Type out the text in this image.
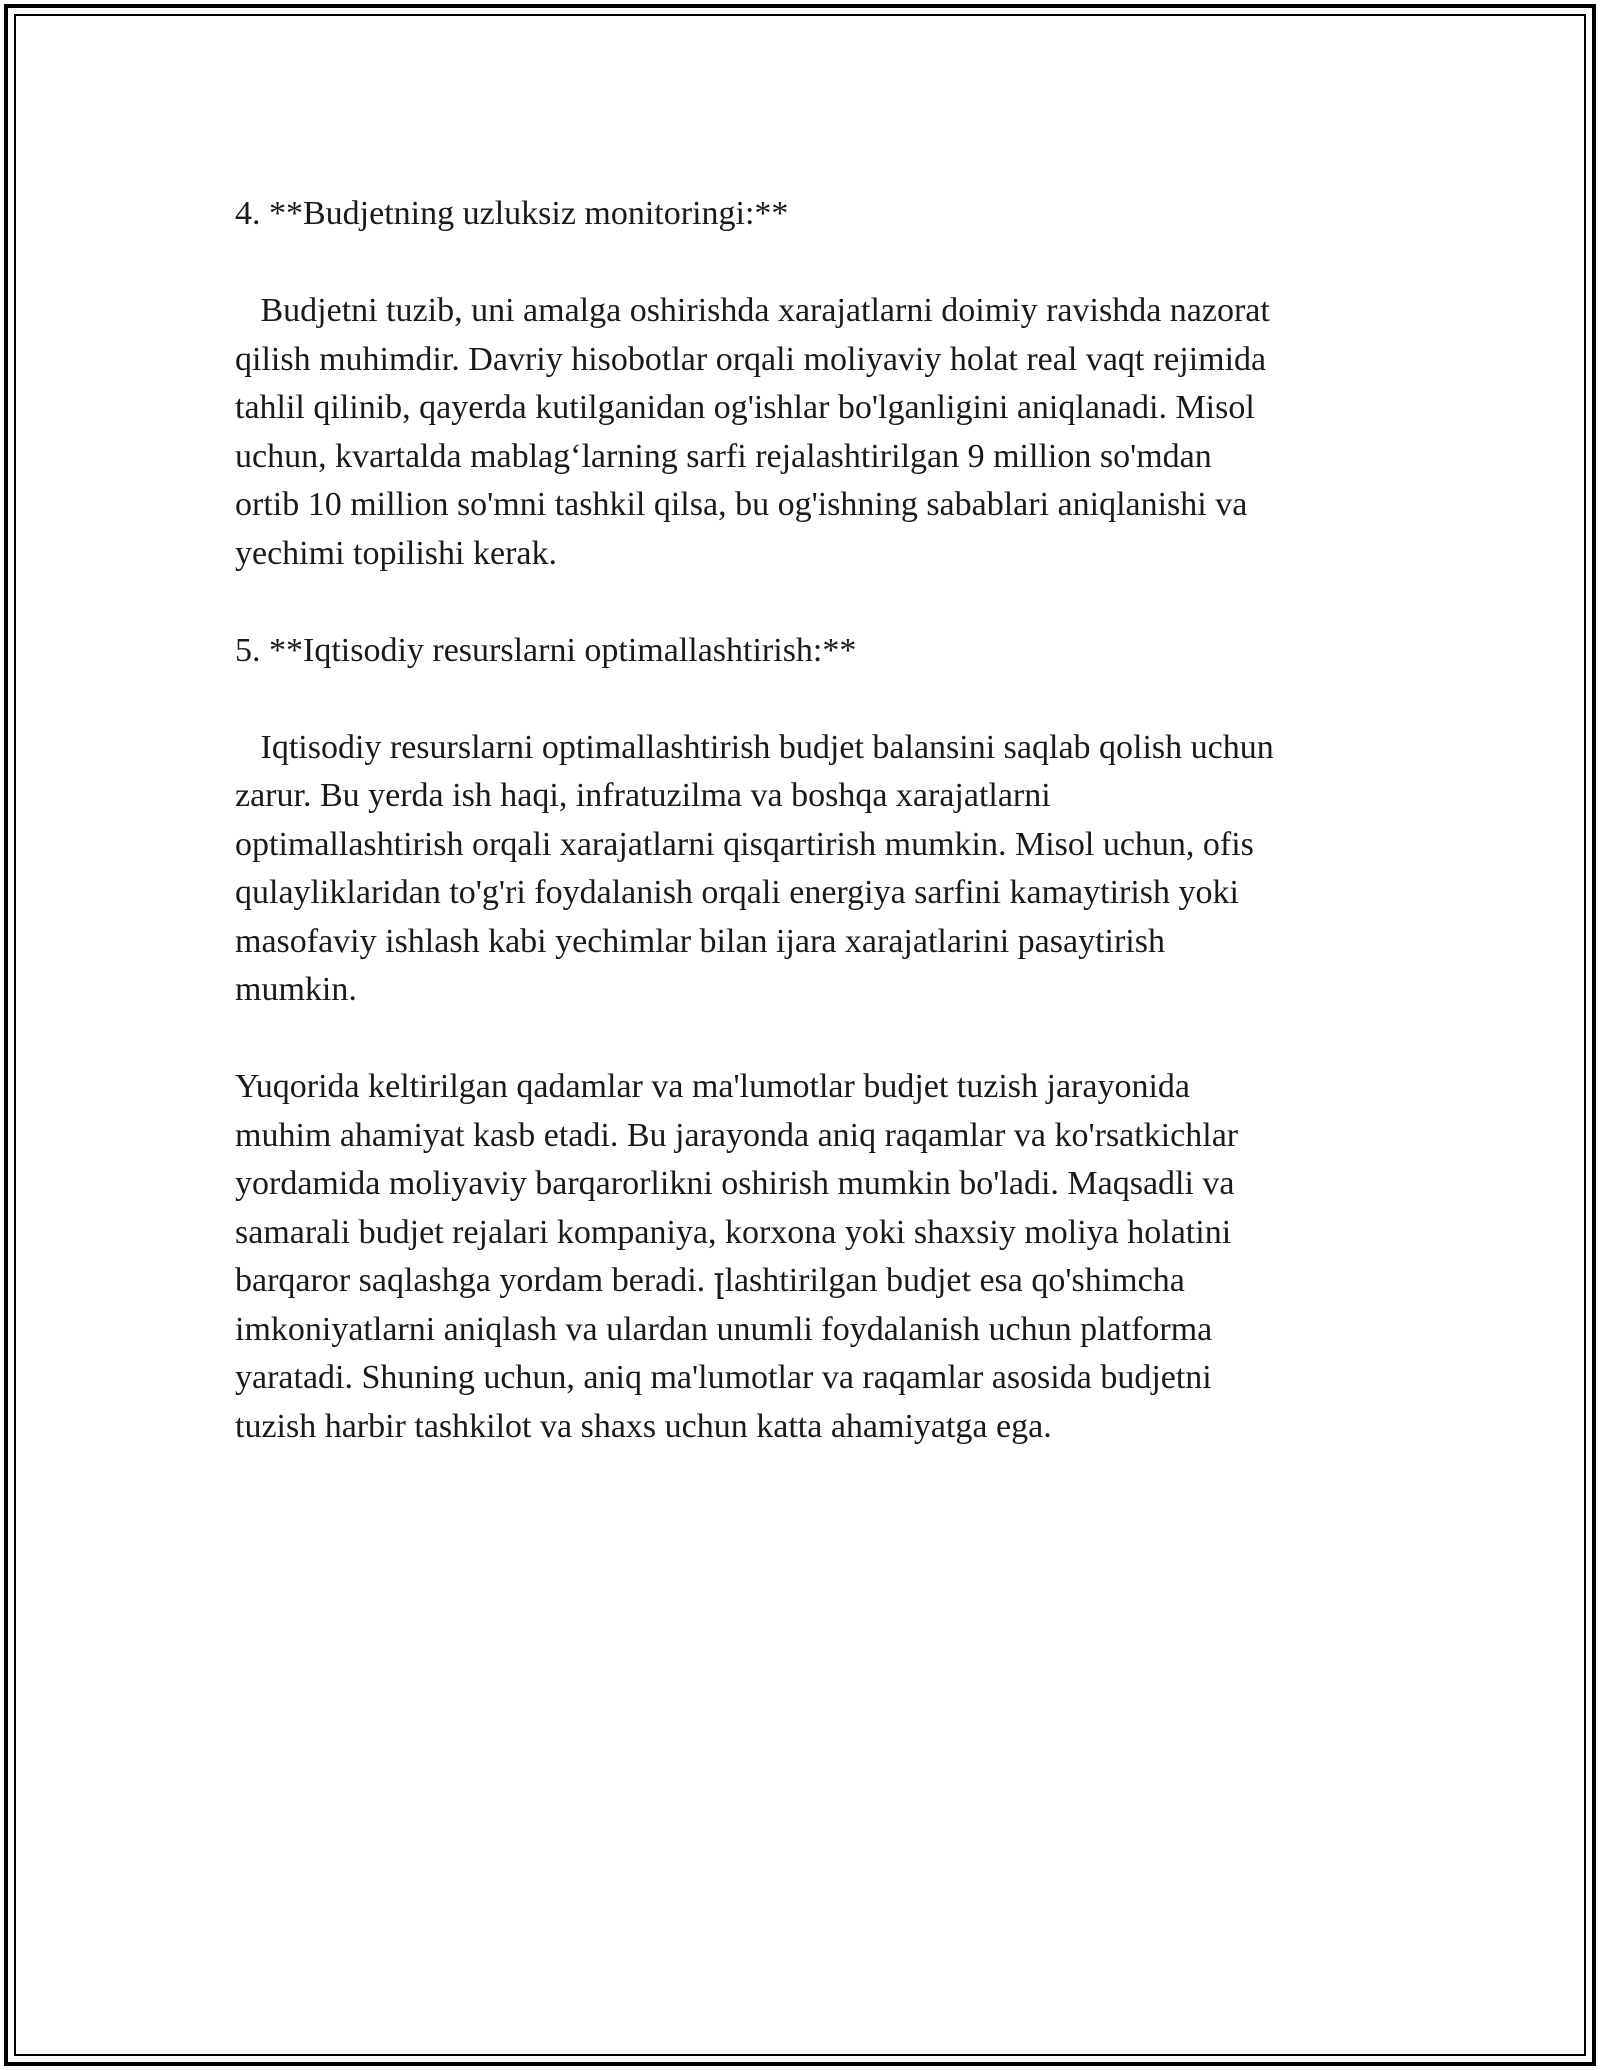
4. **Budjetning uzluksiz monitoringi:**

Budjetni tuzib, uni amalga oshirishda xarajatlarni doimiy ravishda nazorat

qilish muhimdir. Davriy hisobotlar orqali moliyaviy holat real vaqt rejimida

tahlil qilinib, qayerda kutilganidan og'ishlar bo'lganligini aniqlanadi. Misol

uchun, kvartalda mablag‘larning sarfi rejalashtirilgan 9 million so'mdan

ortib 10 million so'mni tashkil qilsa, bu og'ishning sabablari aniqlanishi va

yechimi topilishi kerak.

5. **Iqtisodiy resurslarni optimallashtirish:**

Iqtisodiy resurslarni optimallashtirish budjet balansini saqlab qolish uchun

zarur. Bu yerda ish haqi, infratuzilma va boshqa xarajatlarni

optimallashtirish orqali xarajatlarni qisqartirish mumkin. Misol uchun, ofis

qulayliklaridan to'g'ri foydalanish orqali energiya sarfini kamaytirish yoki

masofaviy ishlash kabi yechimlar bilan ijara xarajatlarini pasaytirish

mumkin.

Yuqorida keltirilgan qadamlar va ma'lumotlar budjet tuzish jarayonida

muhim ahamiyat kasb etadi. Bu jarayonda aniq raqamlar va ko'rsatkichlar

yordamida moliyaviy barqarorlikni oshirish mumkin bo'ladi. Maqsadli va

samarali budjet rejalari kompaniya, korxona yoki shaxsiy moliya holatini

barqaror saqlashga yordam beradi. ꞁlashtirilgan budjet esa qo'shimcha

imkoniyatlarni aniqlash va ulardan unumli foydalanish uchun platforma

yaratadi. Shuning uchun, aniq ma'lumotlar va raqamlar asosida budjetni

tuzish harbir tashkilot va shaxs uchun katta ahamiyatga ega.
